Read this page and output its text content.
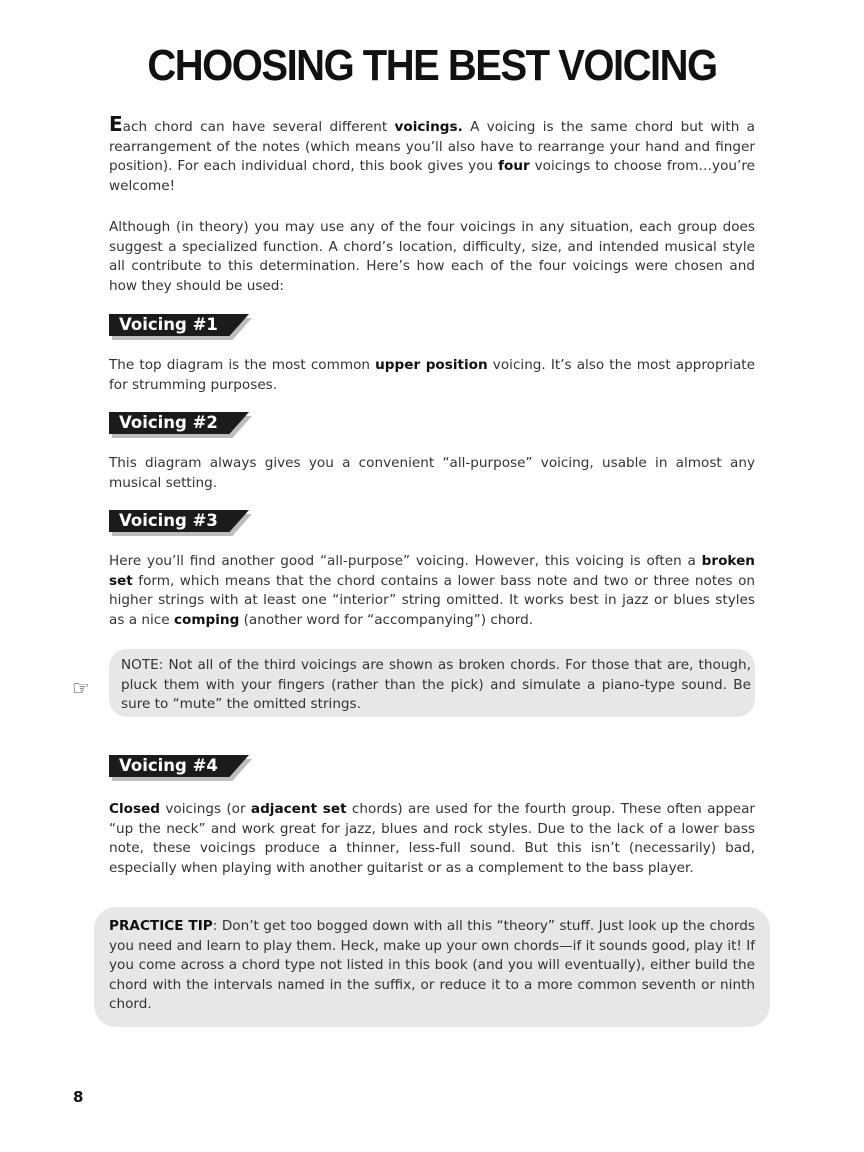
CHOOSING THE BEST VOICING

Each chord can have several different voicings. A voicing is the same chord but with a rearrangement of the notes (which means you’ll also have to rearrange your hand and finger position). For each individual chord, this book gives you four voicings to choose from…you’re welcome!

Although (in theory) you may use any of the four voicings in any situation, each group does suggest a specialized function. A chord’s location, difficulty, size, and intended musical style all contribute to this determination. Here’s how each of the four voicings were chosen and how they should be used:

Voicing #1

The top diagram is the most common upper position voicing. It’s also the most appropriate for strumming purposes.

Voicing #2

This diagram always gives you a convenient “all-purpose” voicing, usable in almost any musical setting.

Voicing #3

Here you’ll find another good “all-purpose” voicing. However, this voicing is often a broken set form, which means that the chord contains a lower bass note and two or three notes on higher strings with at least one “interior” string omitted. It works best in jazz or blues styles as a nice comping (another word for “accompanying”) chord.

☞

NOTE: Not all of the third voicings are shown as broken chords. For those that are, though, pluck them with your fingers (rather than the pick) and simulate a piano-type sound. Be sure to “mute” the omitted strings.

Voicing #4

Closed voicings (or adjacent set chords) are used for the fourth group. These often appear “up the neck” and work great for jazz, blues and rock styles. Due to the lack of a lower bass note, these voicings produce a thinner, less-full sound. But this isn’t (necessarily) bad, especially when playing with another guitarist or as a complement to the bass player.

PRACTICE TIP: Don’t get too bogged down with all this “theory” stuff. Just look up the chords you need and learn to play them. Heck, make up your own chords—if it sounds good, play it! If you come across a chord type not listed in this book (and you will eventually), either build the chord with the intervals named in the suffix, or reduce it to a more common seventh or ninth chord.

8
